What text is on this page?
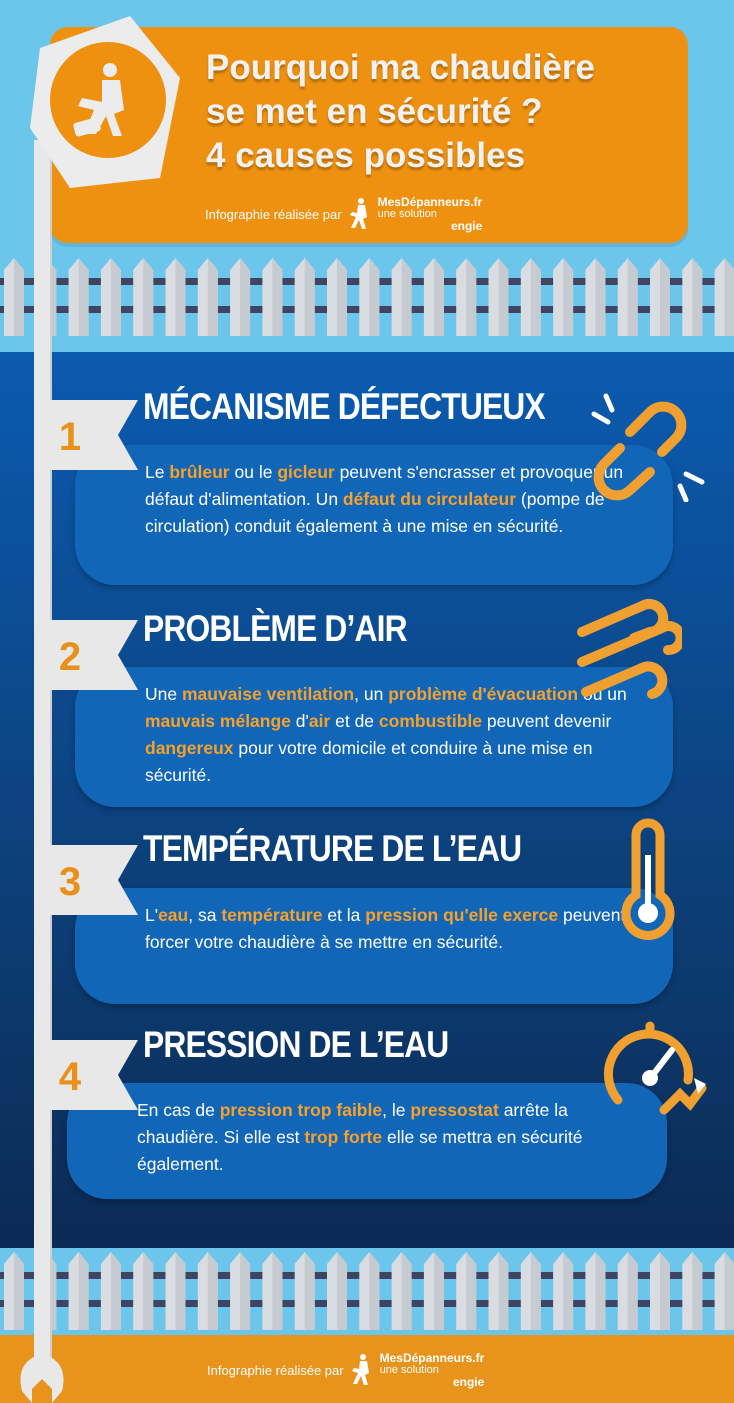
Pourquoi ma chaudière
se met en sécurité ?
4 causes possibles
Infographie réalisée par
MesDépanneurs.fr
une solution
engie
Infographie réalisée par
MesDépanneurs.fr
une solution
engie

Le brûleur ou le gicleur peuvent s'encrasser et provoquer un défaut d'alimentation. Un défaut du circulateur (pompe de circulation) conduit également à une mise en sécurité.

1
MÉCANISME DÉFECTUEUX

Une mauvaise ventilation, un problème d'évacuation ou un mauvais mélange d'air et de combustible peuvent devenir dangereux pour votre domicile et conduire à une mise en sécurité.

2
PROBLÈME D’AIR

L'eau, sa température et la pression qu'elle exerce peuvent forcer votre chaudière à se mettre en sécurité.

3
TEMPÉRATURE DE L’EAU

En cas de pression trop faible, le pressostat arrête la chaudière. Si elle est trop forte elle se mettra en sécurité également.

4
PRESSION DE L’EAU
